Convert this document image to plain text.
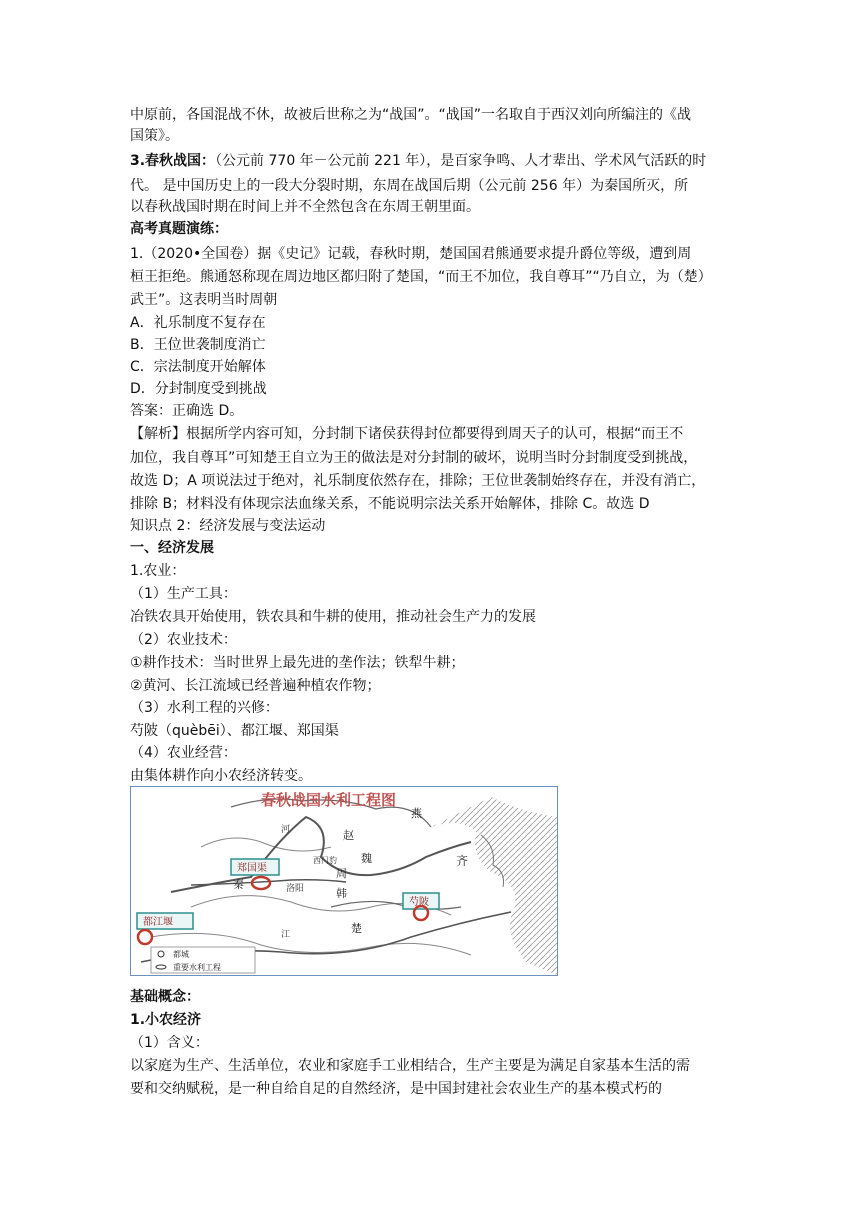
中原前，各国混战不休，故被后世称之为“战国”。“战国”一名取自于西汉刘向所编注的《战
国策》。
3.春秋战国：（公元前 770 年－公元前 221 年），是百家争鸣、人才辈出、学术风气活跃的时
代。 是中国历史上的一段大分裂时期，东周在战国后期（公元前 256 年）为秦国所灭，所
以春秋战国时期在时间上并不全然包含在东周王朝里面。
高考真题演练：
1.（2020•全国卷）据《史记》记载，春秋时期，楚国国君熊通要求提升爵位等级，遭到周
桓王拒绝。熊通怒称现在周边地区都归附了楚国，“而王不加位，我自尊耳”“乃自立，为（楚）
武王”。这表明当时周朝
A．礼乐制度不复存在
B．王位世袭制度消亡
C．宗法制度开始解体
D．分封制度受到挑战
答案：正确选 D。
【解析】根据所学内容可知，分封制下诸侯获得封位都要得到周天子的认可，根据“而王不
加位，我自尊耳”可知楚王自立为王的做法是对分封制的破坏，说明当时分封制度受到挑战，
故选 D；A 项说法过于绝对，礼乐制度依然存在，排除；王位世袭制始终存在，并没有消亡，
排除 B；材料没有体现宗法血缘关系，不能说明宗法关系开始解体，排除 C。故选 D
知识点 2：经济发展与变法运动
一、经济发展
1.农业：
（1）生产工具：
冶铁农具开始使用，铁农具和牛耕的使用，推动社会生产力的发展
（2）农业技术：
①耕作技术：当时世界上最先进的垄作法；铁犁牛耕；
②黄河、长江流域已经普遍种植农作物；
（3）水利工程的兴修：
芍陂（quèbēi）、都江堰、郑国渠
（4）农业经营：
由集体耕作向小农经济转变。
春秋战国水利工程图
燕
赵
魏	齐
秦
楚
周
韩
西门豹
洛阳
江
河
郑国渠
都江堰
芍陂
都城
重要水利工程
基础概念：
1.小农经济
（1）含义：
以家庭为生产、生活单位，农业和家庭手工业相结合，生产主要是为满足自家基本生活的需
要和交纳赋税，是一种自给自足的自然经济，是中国封建社会农业生产的基本模式朽的
